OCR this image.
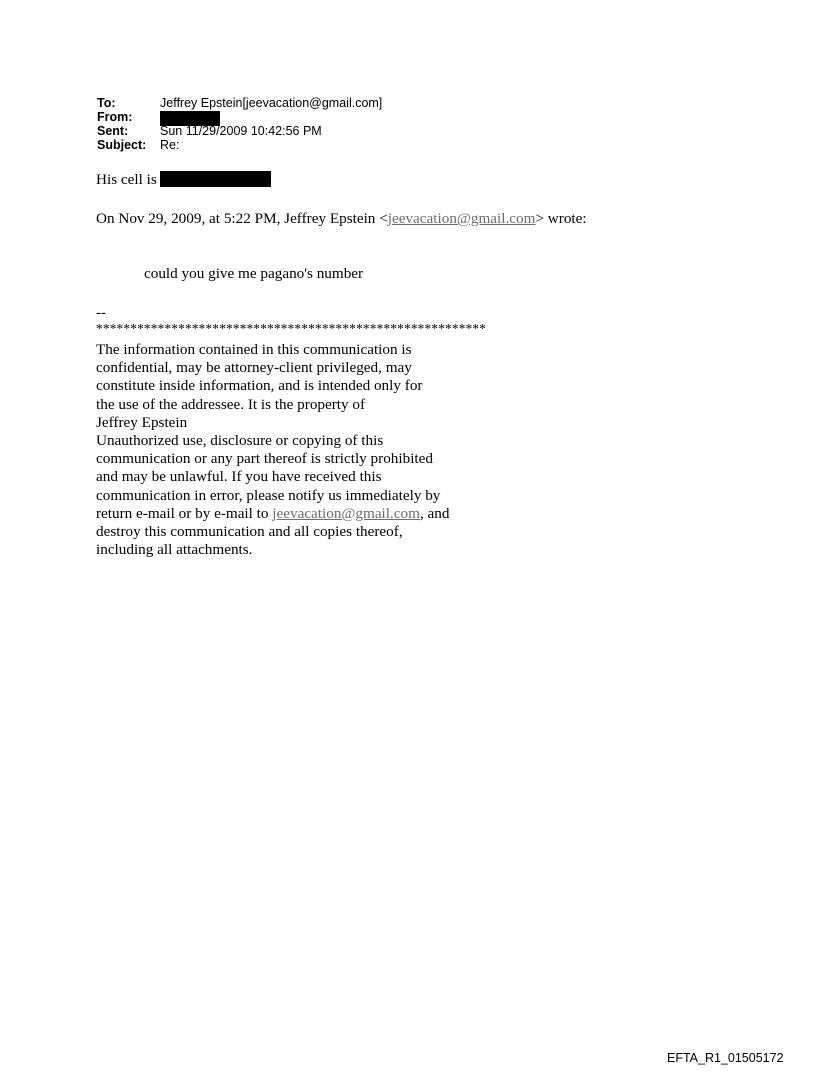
To:	Jeffrey Epstein[jeevacation@gmail.com]
From:
Sent:	Sun 11/29/2009 10:42:56 PM
Subject:	Re:
His cell is
On Nov 29, 2009, at 5:22 PM, Jeffrey Epstein <jeevacation@gmail.com> wrote:
could you give me pagano's number
--
*********************************************************
The information contained in this communication is
confidential, may be attorney-client privileged, may
constitute inside information, and is intended only for
the use of the addressee. It is the property of
Jeffrey Epstein
Unauthorized use, disclosure or copying of this
communication or any part thereof is strictly prohibited
and may be unlawful. If you have received this
communication in error, please notify us immediately by
return e-mail or by e-mail to jeevacation@gmail.com, and
destroy this communication and all copies thereof,
including all attachments.
EFTA_R1_01505172
